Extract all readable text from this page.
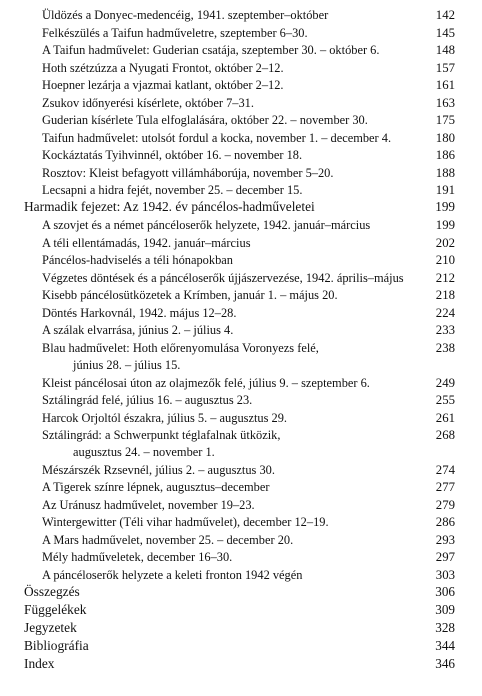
Üldözés a Donyec-medencéig, 1941. szeptember–október	142
Felkészülés a Taifun hadműveletre, szeptember 6–30.	145
A Taifun hadművelet: Guderian csatája, szeptember 30. – október 6.	148
Hoth szétzúzza a Nyugati Frontot, október 2–12.	157
Hoepner lezárja a vjazmai katlant, október 2–12.	161
Zsukov időnyerési kísérlete, október 7–31.	163
Guderian kísérlete Tula elfoglalására, október 22. – november 30.	175
Taifun hadművelet: utolsót fordul a kocka, november 1. – december 4.	180
Kockáztatás Tyihvinnél, október 16. – november 18.	186
Rosztov: Kleist befagyott villámháborúja, november 5–20.	188
Lecsapni a hidra fejét, november 25. – december 15.	191
Harmadik fejezet: Az 1942. év páncélos-hadműveletei	199
A szovjet és a német páncéloserők helyzete, 1942. január–március	199
A téli ellentámadás, 1942. január–március	202
Páncélos-hadviselés a téli hónapokban	210
Végzetes döntések és a páncéloserők újjászervezése, 1942. április–május	212
Kisebb páncélosütközetek a Krímben, január 1. – május 20.	218
Döntés Harkovnál, 1942. május 12–28.	224
A szálak elvarrása, június 2. – július 4.	233
Blau hadművelet: Hoth előrenyomulása Voronyezs felé,	238
június 28. – július 15.
Kleist páncélosai úton az olajmezők felé, július 9. – szeptember 6.	249
Sztálingrád felé, július 16. – augusztus 23.	255
Harcok Orjoltól északra, július 5. – augusztus 29.	261
Sztálingrád: a Schwerpunkt téglafalnak ütközik,	268
augusztus 24. – november 1.
Mészárszék Rzsevnél, július 2. – augusztus 30.	274
A Tigerek színre lépnek, augusztus–december	277
Az Uránusz hadművelet, november 19–23.	279
Wintergewitter (Téli vihar hadművelet), december 12–19.	286
A Mars hadművelet, november 25. – december 20.	293
Mély hadműveletek, december 16–30.	297
A páncéloserők helyzete a keleti fronton 1942 végén	303
Összegzés	306
Függelékek	309
Jegyzetek	328
Bibliográfia	344
Index	346
